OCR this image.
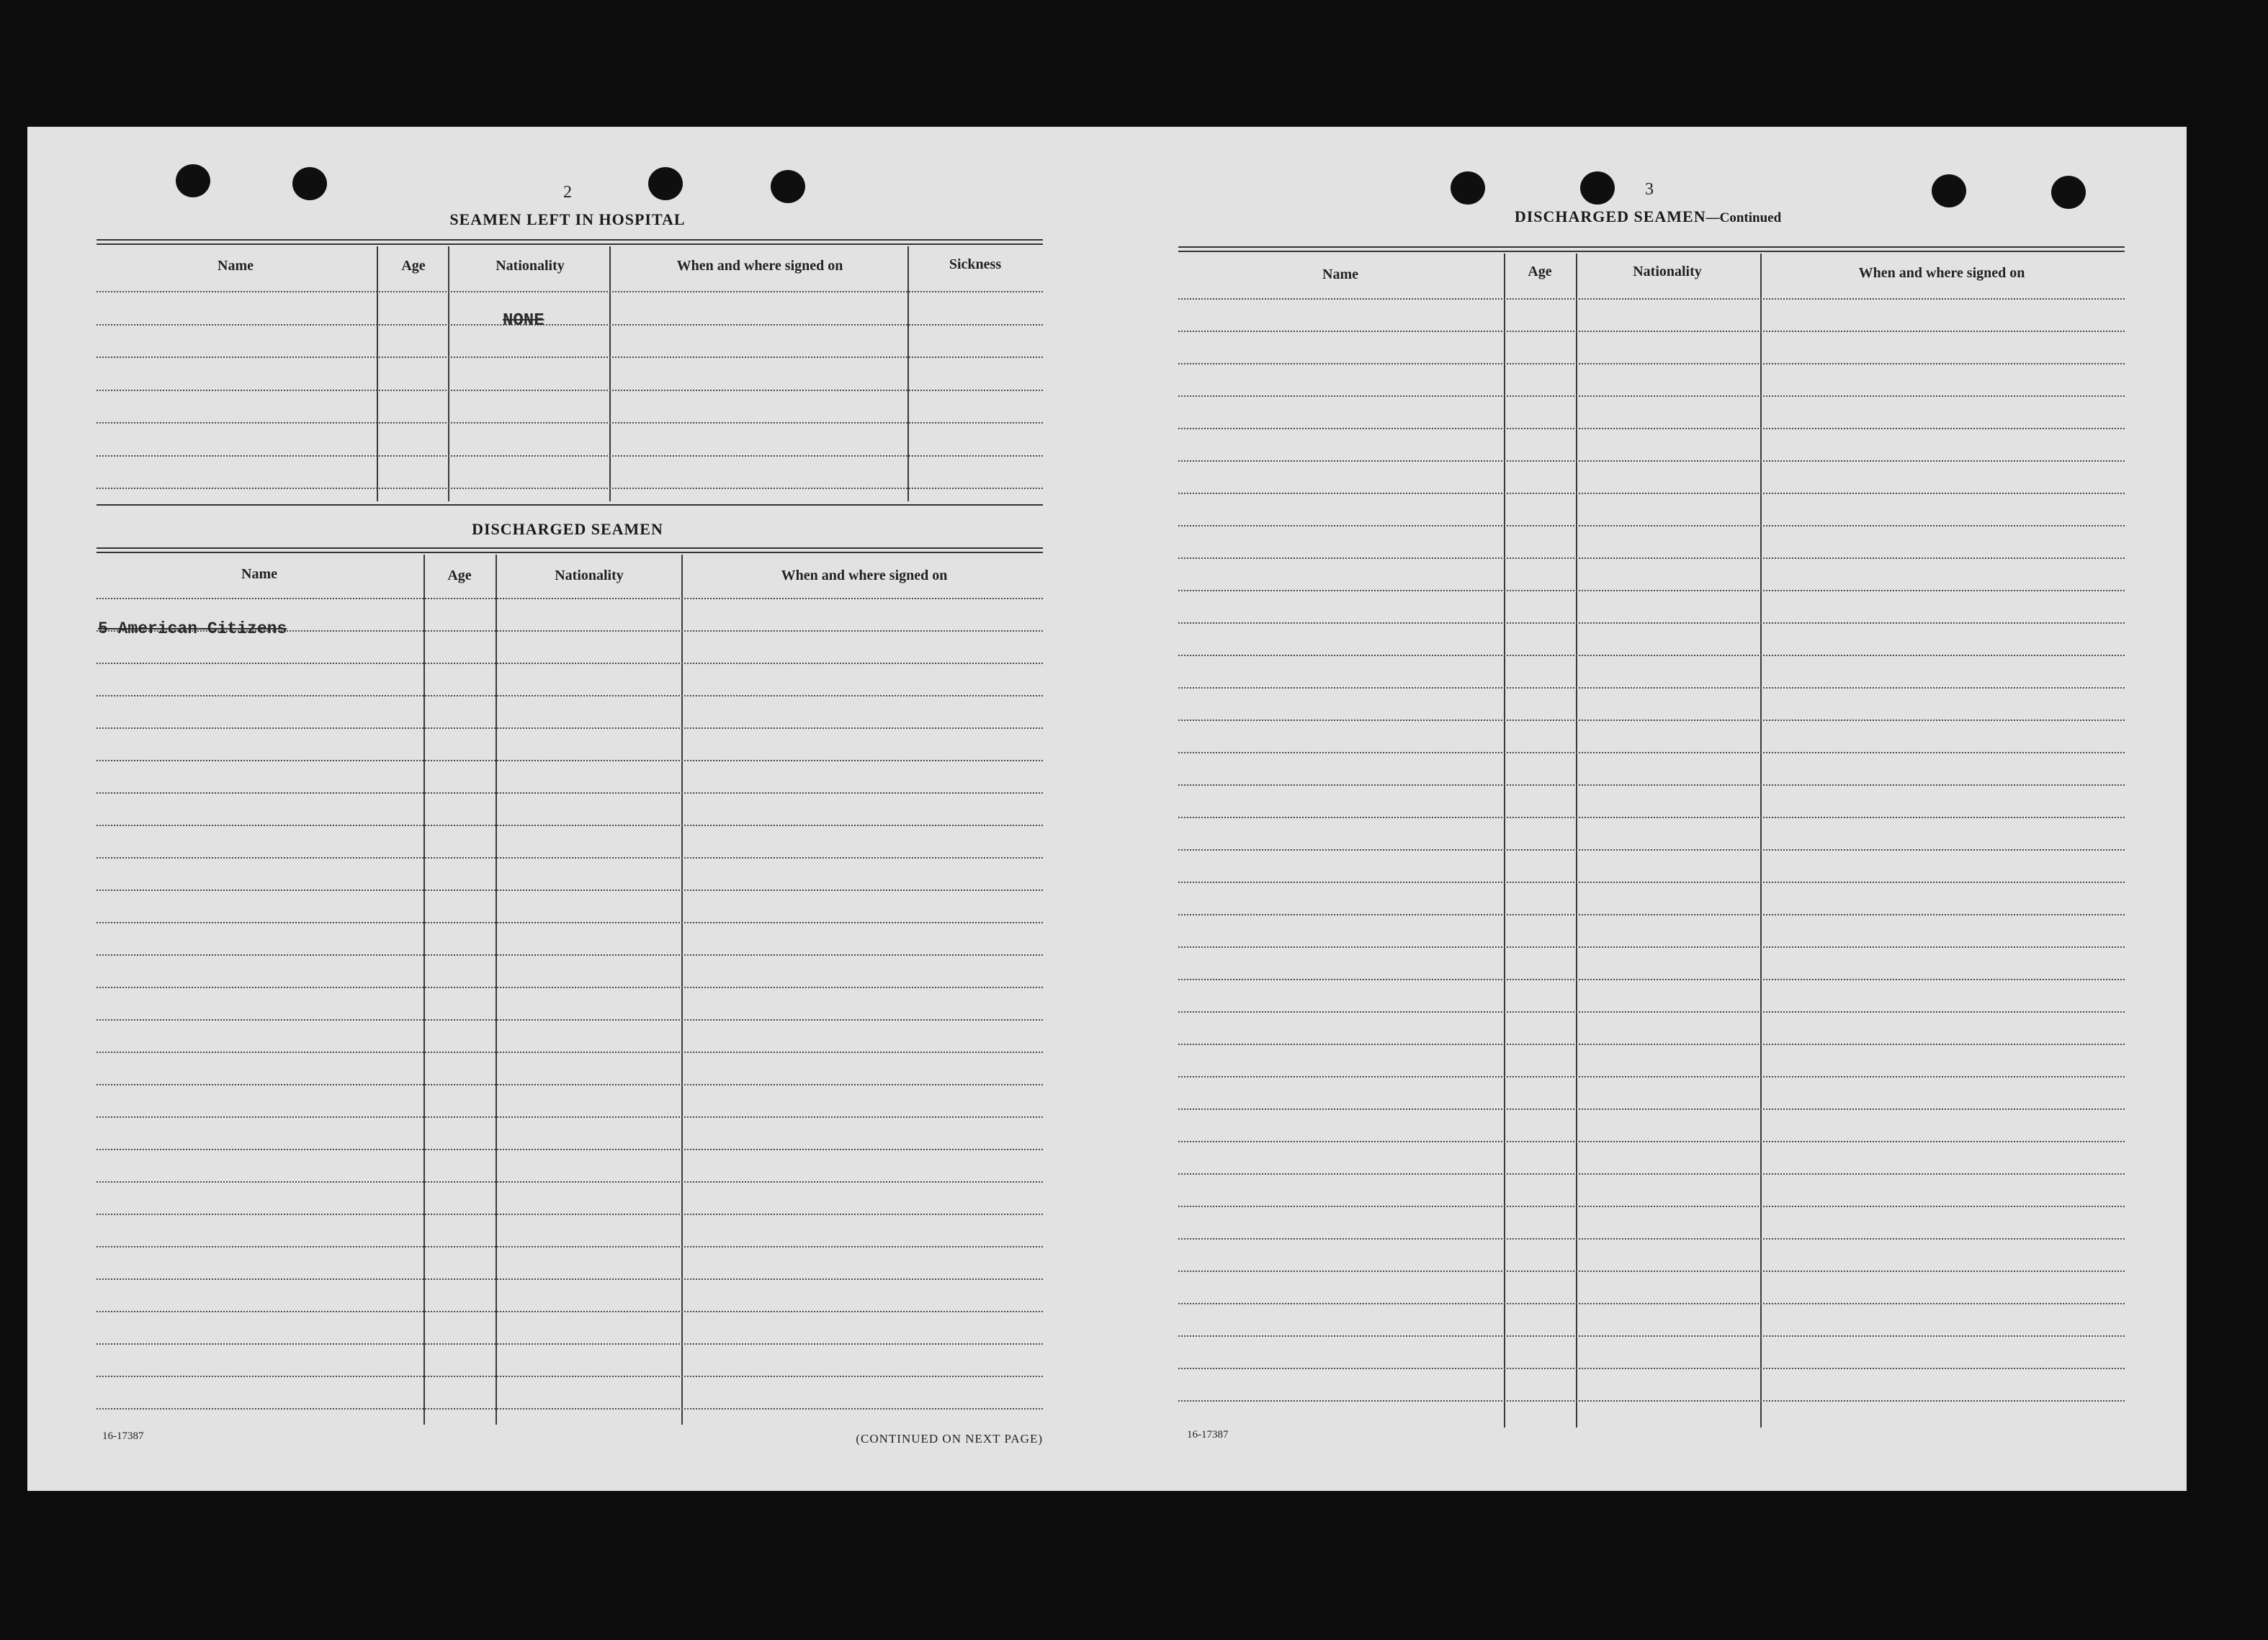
2
SEAMEN LEFT IN HOSPITAL
Name	Age	Nationality	When and where signed on	Sickness
NONE
DISCHARGED SEAMEN
Name	Age	Nationality	When and where signed on
5 American Citizens
16-17387	(CONTINUED ON NEXT PAGE)
3
DISCHARGED SEAMEN—Continued
Name	Age	Nationality	When and where signed on
16-17387
